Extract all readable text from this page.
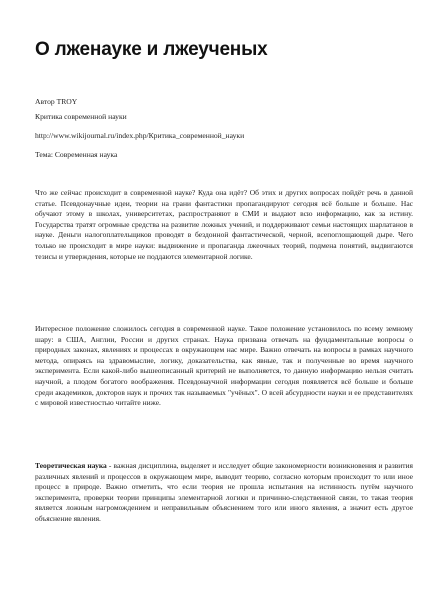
О лженауке и лжеученых
Автор TROY
Критика современной науки
http://www.wikijournal.ru/index.php/Критика_современной_науки
Тема: Современная наука
Что же сейчас происходит в современной науке? Куда она идёт? Об этих и других вопросах пойдёт речь в данной статье. Псевдонаучные идеи, теории на грани фантастики пропагандируют сегодня всё больше и больше. Нас обучают этому в школах, университетах, распространяют в СМИ и выдают всю информацию, как за истину. Государства тратят огромные средства на развитие ложных учений, и поддерживают семьи настоящих шарлатанов в науке. Деньги налогоплательщиков проводят в бездонной фантастической, черной, всепоглощающей дыре. Чего только не происходит в мире науки: выдвижение и пропаганда лжеочных теорий, подмена понятий, выдвигаются тезисы и утверждения, которые не поддаются элементарной логике.
Интересное положение сложилось сегодня в современной науке. Такое положение установилось по всему земному шару: в США, Англии, России и других странах. Наука призвана отвечать на фундаментальные вопросы о природных законах, явлениях и процессах в окружающем нас мире. Важно отвечать на вопросы в рамках научного метода, опираясь на здравомыслие, логику, доказательства, как явные, так и полученные во время научного эксперимента. Если какой-либо вышеописанный критерий не выполняется, то данную информацию нельзя считать научной, а плодом богатого воображения. Псевдонаучной информации сегодня появляется всё больше и больше среди академиков, докторов наук и прочих так называемых "учёных". О всей абсурдности науки и ее представителях с мировой известностью читайте ниже.
Теоретическая наука - важная дисциплина, выделяет и исследует общие закономерности возникновения и развития различных явлений и процессов в окружающем мире, выводит теорию, согласно которым происходит то или иное процесс в природе. Важно отметить, что если теория не прошла испытания на истинность путём научного эксперимента, проверки теории принципы элементарной логики и причинно-следственной связи, то такая теория является ложным нагромождением и неправильным объяснением того или иного явления, а значит есть другое объяснение явления.
